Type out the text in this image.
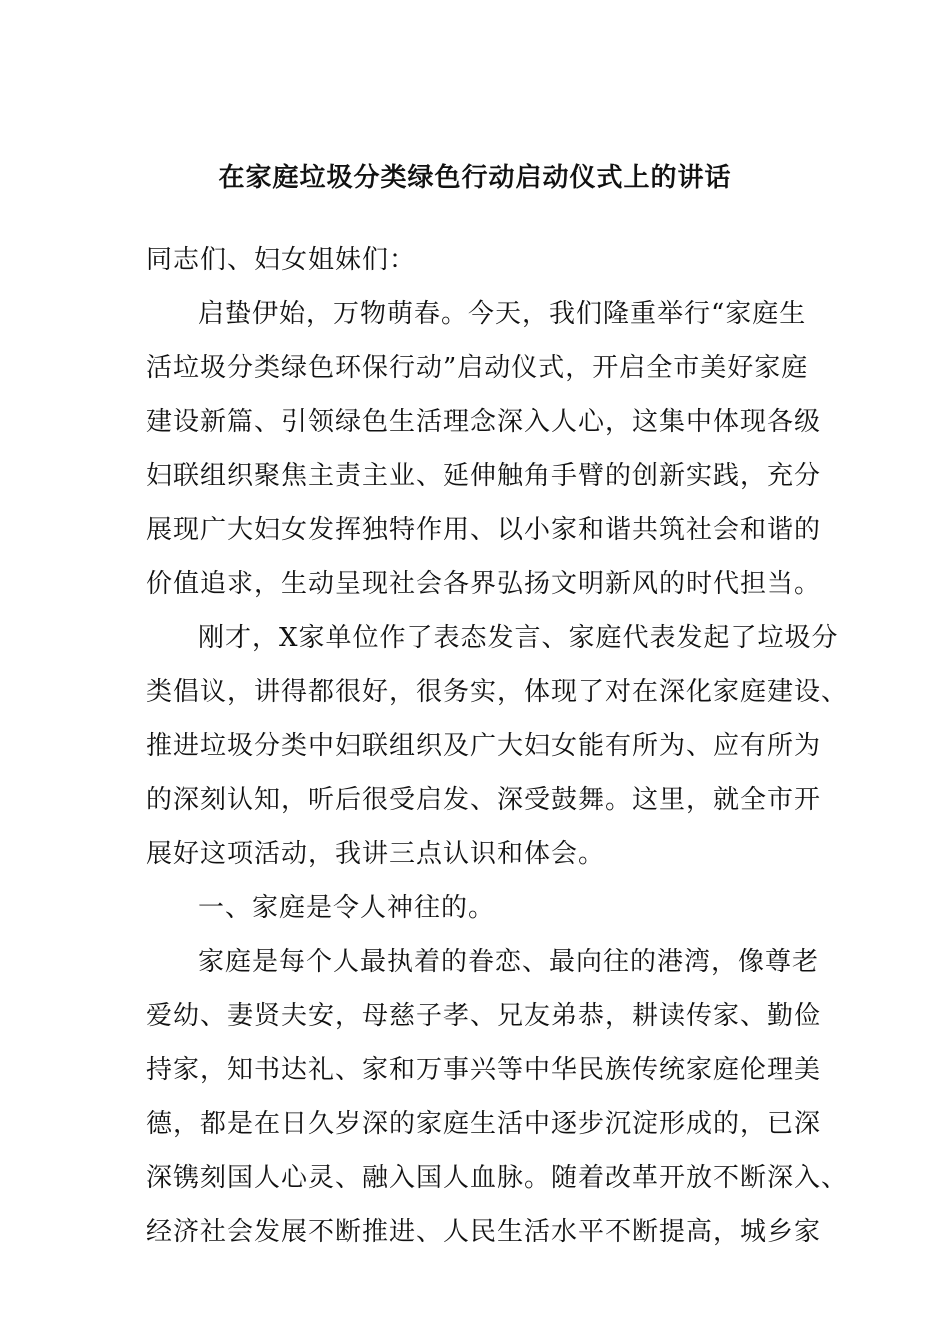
在家庭垃圾分类绿色行动启动仪式上的讲话
同志们、妇女姐妹们：
启蛰伊始，万物萌春。今天，我们隆重举行“家庭生
活垃圾分类绿色环保行动”启动仪式，开启全市美好家庭
建设新篇、引领绿色生活理念深入人心，这集中体现各级
妇联组织聚焦主责主业、延伸触角手臂的创新实践，充分
展现广大妇女发挥独特作用、以小家和谐共筑社会和谐的
价值追求，生动呈现社会各界弘扬文明新风的时代担当。
刚才，X家单位作了表态发言、家庭代表发起了垃圾分
类倡议，讲得都很好，很务实，体现了对在深化家庭建设、
推进垃圾分类中妇联组织及广大妇女能有所为、应有所为
的深刻认知，听后很受启发、深受鼓舞。这里，就全市开
展好这项活动，我讲三点认识和体会。
一、家庭是令人神往的。
家庭是每个人最执着的眷恋、最向往的港湾，像尊老
爱幼、妻贤夫安，母慈子孝、兄友弟恭，耕读传家、勤俭
持家，知书达礼、家和万事兴等中华民族传统家庭伦理美
德，都是在日久岁深的家庭生活中逐步沉淀形成的，已深
深镌刻国人心灵、融入国人血脉。随着改革开放不断深入、
经济社会发展不断推进、人民生活水平不断提高，城乡家
